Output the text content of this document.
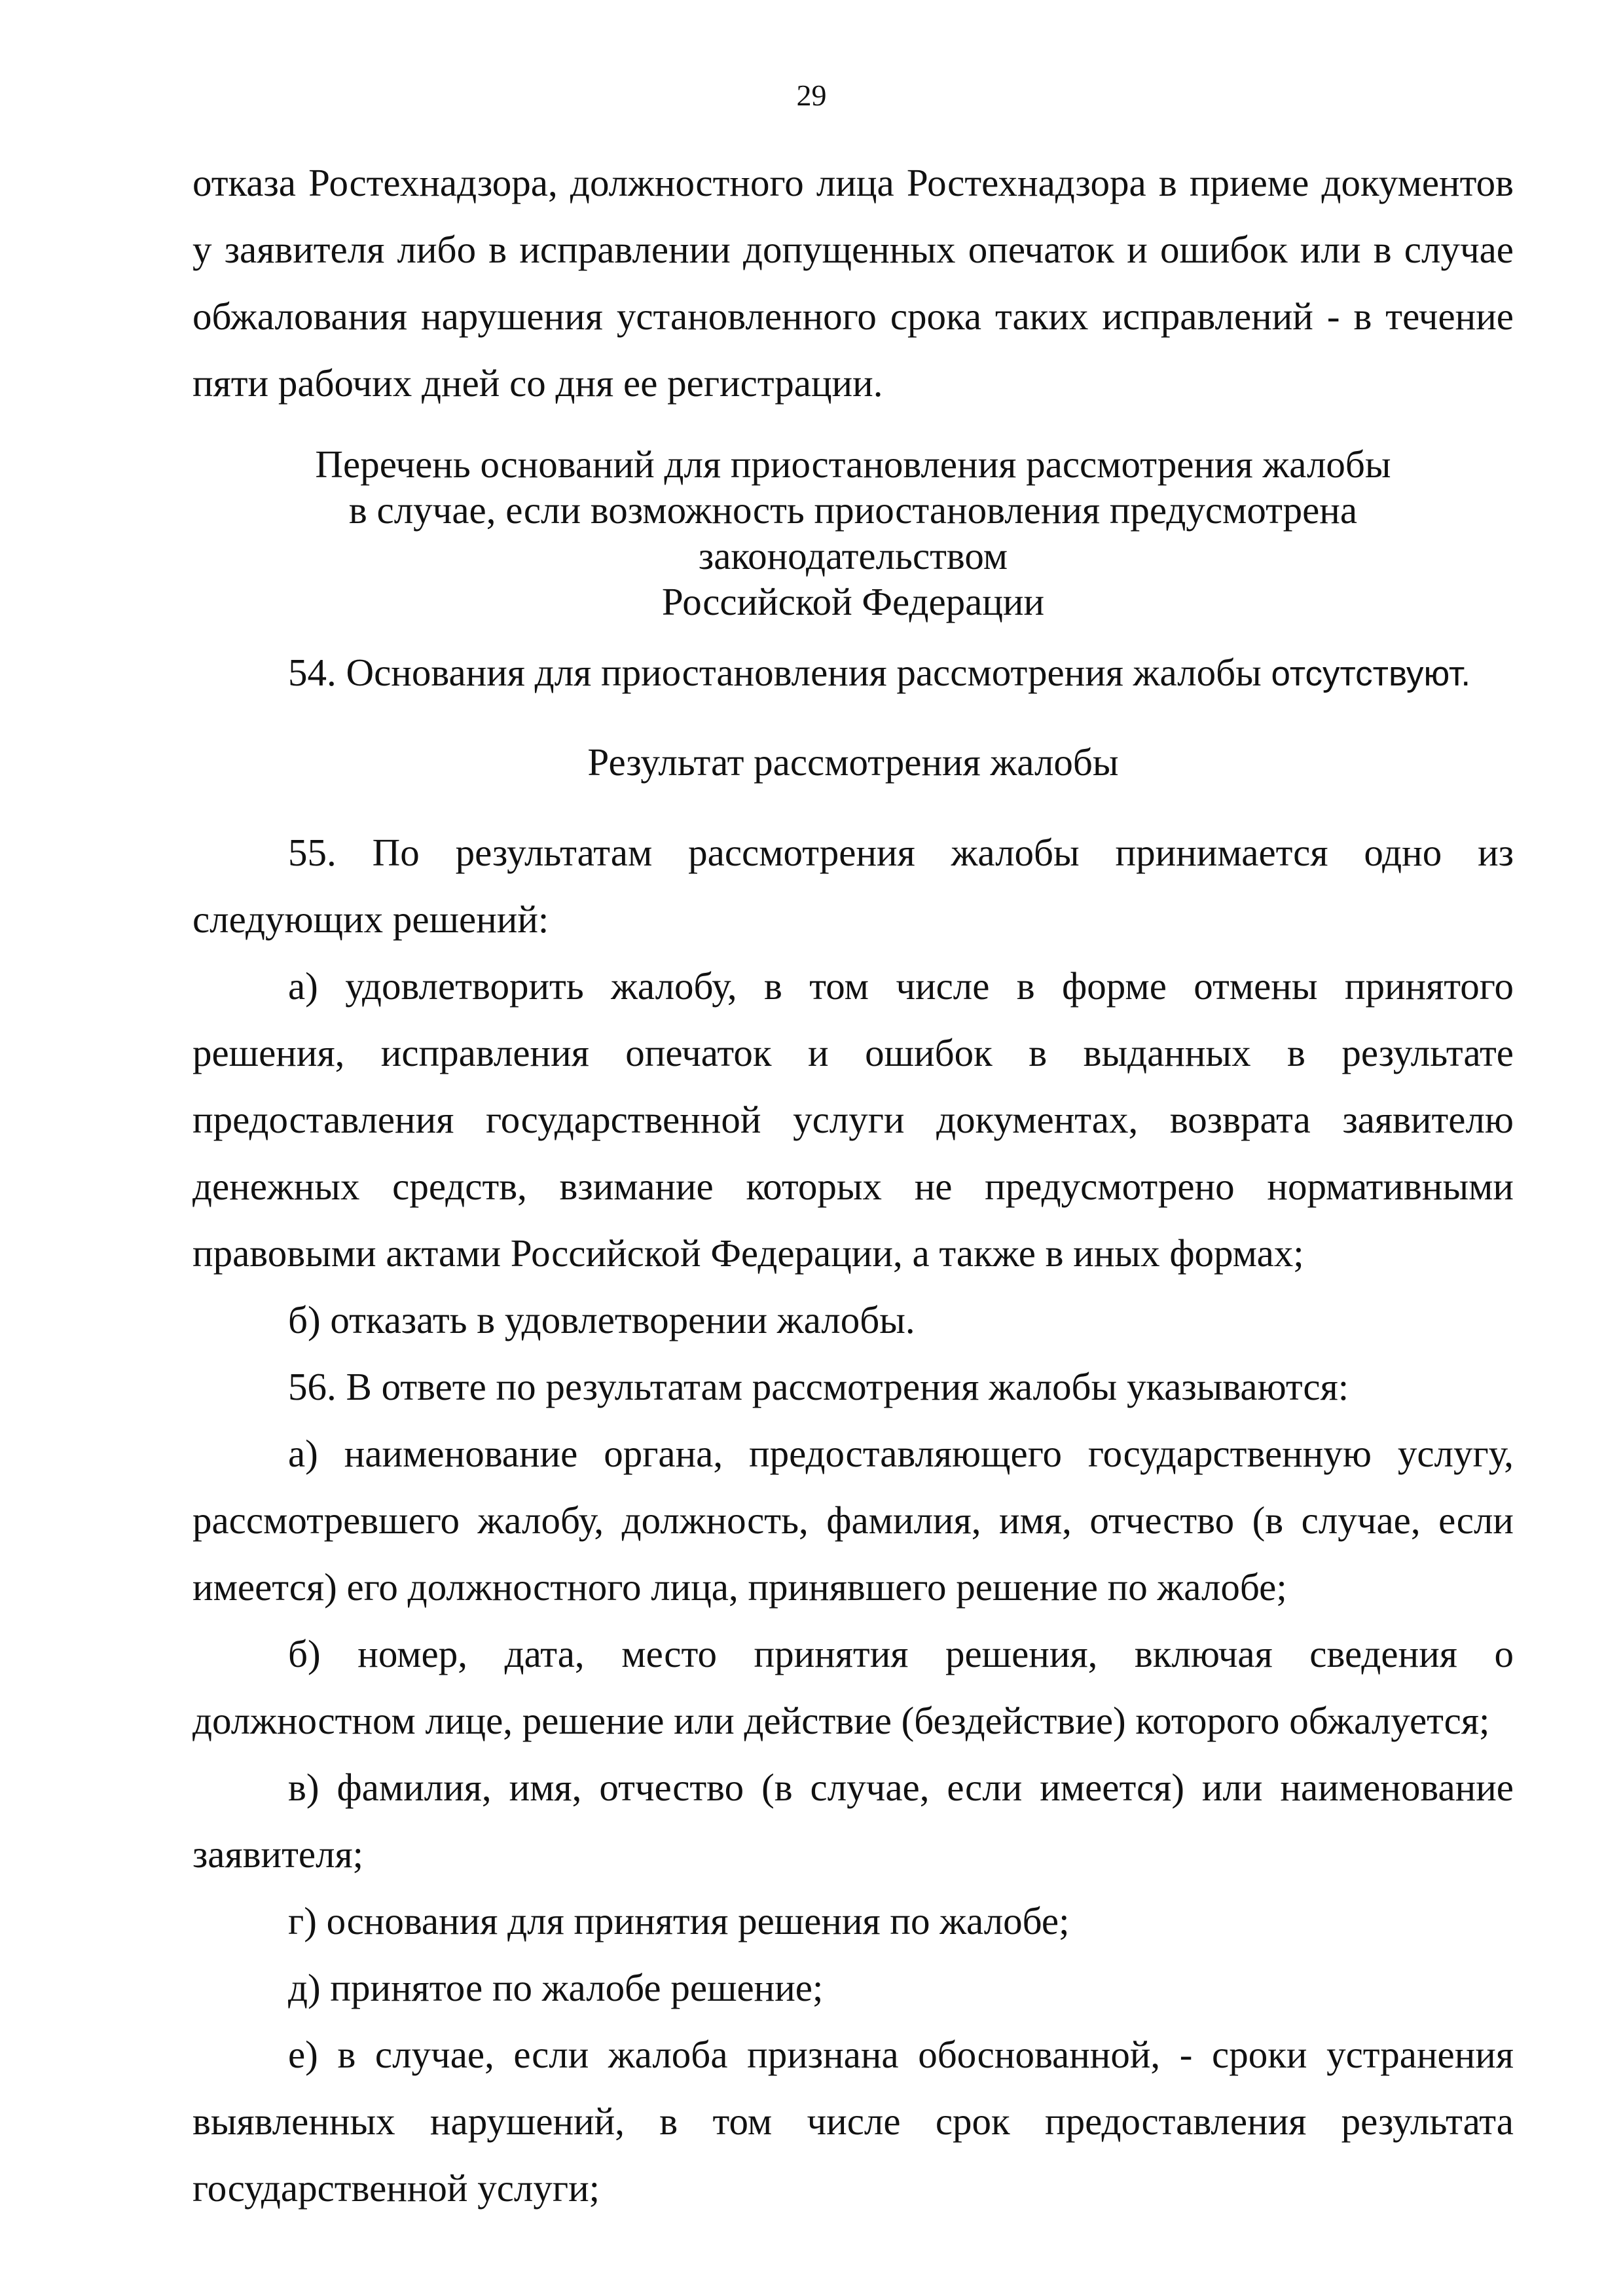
29

отказа Ростехнадзора, должностного лица Ростехнадзора в приеме документов у заявителя либо в исправлении допущенных опечаток и ошибок или в случае обжалования нарушения установленного срока таких исправлений - в течение пяти рабочих дней со дня ее регистрации.

Перечень оснований для приостановления рассмотрения жалобы

в случае, если возможность приостановления предусмотрена законодательством

Российской Федерации

54. Основания для приостановления рассмотрения жалобы отсутствуют.

Результат рассмотрения жалобы

55. По результатам рассмотрения жалобы принимается одно из следующих решений:

а) удовлетворить жалобу, в том числе в форме отмены принятого решения, исправления опечаток и ошибок в выданных в результате предоставления государственной услуги документах, возврата заявителю денежных средств, взимание которых не предусмотрено нормативными правовыми актами Российской Федерации, а также в иных формах;

б) отказать в удовлетворении жалобы.

56. В ответе по результатам рассмотрения жалобы указываются:

а) наименование органа, предоставляющего государственную услугу, рассмотревшего жалобу, должность, фамилия, имя, отчество (в случае, если имеется) его должностного лица, принявшего решение по жалобе;

б) номер, дата, место принятия решения, включая сведения о должностном лице, решение или действие (бездействие) которого обжалуется;

в) фамилия, имя, отчество (в случае, если имеется) или наименование заявителя;

г) основания для принятия решения по жалобе;

д) принятое по жалобе решение;

е) в случае, если жалоба признана обоснованной, - сроки устранения выявленных нарушений, в том числе срок предоставления результата государственной услуги;
